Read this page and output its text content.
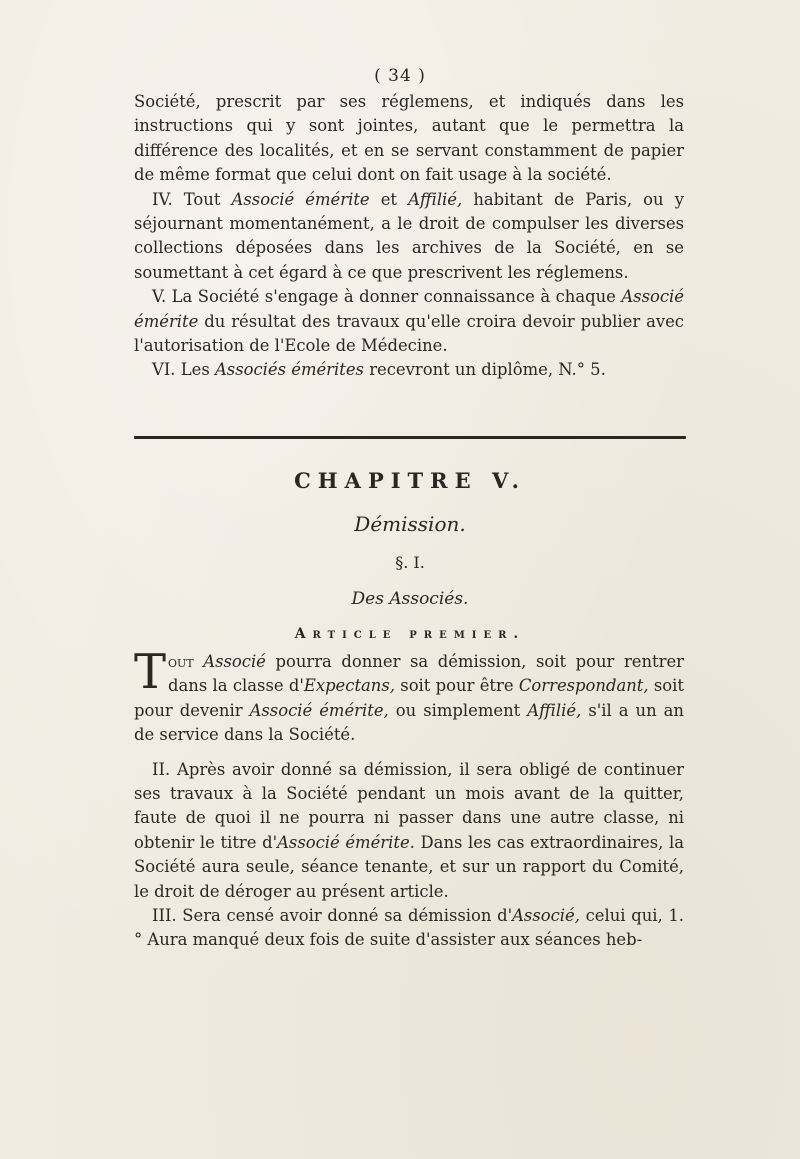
( 34 )

Société, prescrit par ses réglemens, et indiqués dans les instructions qui y sont jointes, autant que le permettra la différence des localités, et en se servant constamment de papier de même format que celui dont on fait usage à la société.

IV. Tout Associé émérite et Affilié, habitant de Paris, ou y séjournant momentanément, a le droit de compulser les diverses collections déposées dans les archives de la Société, en se soumettant à cet égard à ce que prescrivent les réglemens.

V. La Société s'engage à donner connaissance à chaque Associé émérite du résultat des travaux qu'elle croira devoir publier avec l'autorisation de l'Ecole de Médecine.

VI. Les Associés émérites recevront un diplôme, N.° 5.

CHAPITRE V.
Démission.
§. I.
Des Associés.
Article premier.

Tout Associé pourra donner sa démission, soit pour rentrer dans la classe d'Expectans, soit pour être Correspondant, soit pour devenir Associé émérite, ou simplement Affilié, s'il a un an de service dans la Société.

II. Après avoir donné sa démission, il sera obligé de continuer ses travaux à la Société pendant un mois avant de la quitter, faute de quoi il ne pourra ni passer dans une autre classe, ni obtenir le titre d'Associé émérite. Dans les cas extraordinaires, la Société aura seule, séance tenante, et sur un rapport du Comité, le droit de déroger au présent article.

III. Sera censé avoir donné sa démission d'Associé, celui qui, 1.° Aura manqué deux fois de suite d'assister aux séances heb-
